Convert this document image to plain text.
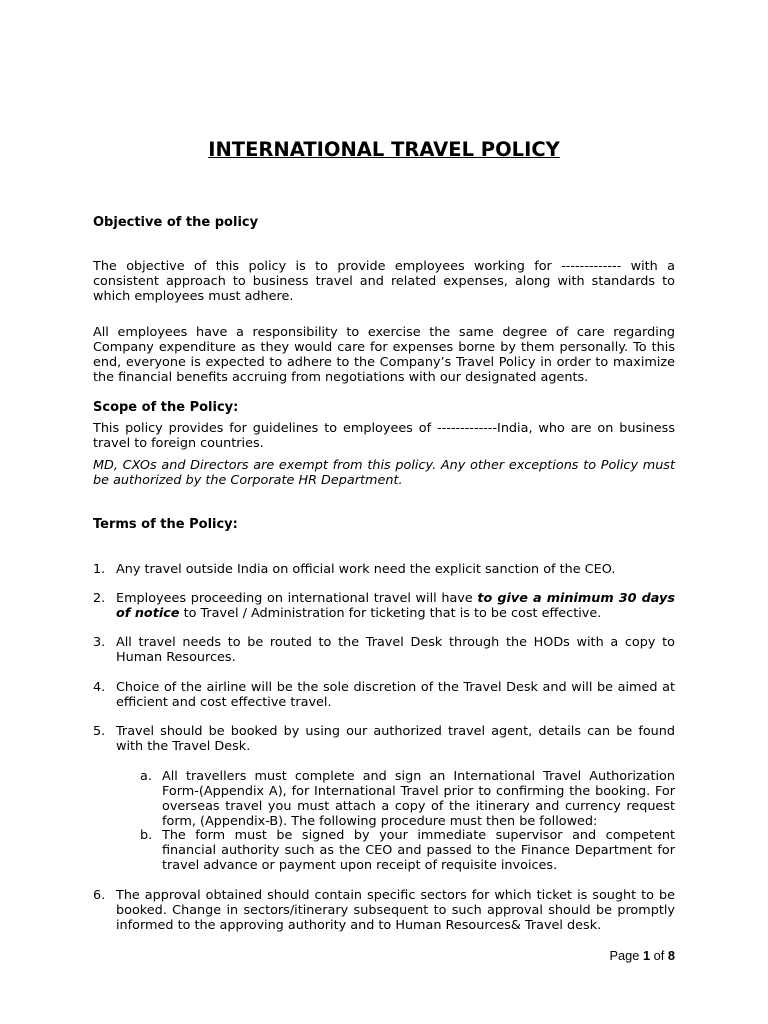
INTERNATIONAL TRAVEL POLICY
Objective of the policy

The objective of this policy is to provide employees working for ------------- with a consistent approach to business travel and related expenses, along with standards to which employees must adhere.

All employees have a responsibility to exercise the same degree of care regarding Company expenditure as they would care for expenses borne by them personally. To this end, everyone is expected to adhere to the Company’s Travel Policy in order to maximize the financial benefits accruing from negotiations with our designated agents.

Scope of the Policy:

This policy provides for guidelines to employees of -------------India, who are on business travel to foreign countries.

MD, CXOs and Directors are exempt from this policy. Any other exceptions to Policy must be authorized by the Corporate HR Department.

Terms of the Policy:
1. Any travel outside India on official work need the explicit sanction of the CEO.
2. Employees proceeding on international travel will have to give a minimum 30 days of notice to Travel / Administration for ticketing that is to be cost effective.
3. All travel needs to be routed to the Travel Desk through the HODs with a copy to Human Resources.
4. Choice of the airline will be the sole discretion of the Travel Desk and will be aimed at efficient and cost effective travel.
5. Travel should be booked by using our authorized travel agent, details can be found with the Travel Desk.
a. All travellers must complete and sign an International Travel Authorization Form-(Appendix A), for International Travel prior to confirming the booking. For overseas travel you must attach a copy of the itinerary and currency request form, (Appendix-B). The following procedure must then be followed:
b. The form must be signed by your immediate supervisor and competent financial authority such as the CEO and passed to the Finance Department for travel advance or payment upon receipt of requisite invoices.
6. The approval obtained should contain specific sectors for which ticket is sought to be booked. Change in sectors/itinerary subsequent to such approval should be promptly informed to the approving authority and to Human Resources& Travel desk.
Page 1 of 8
